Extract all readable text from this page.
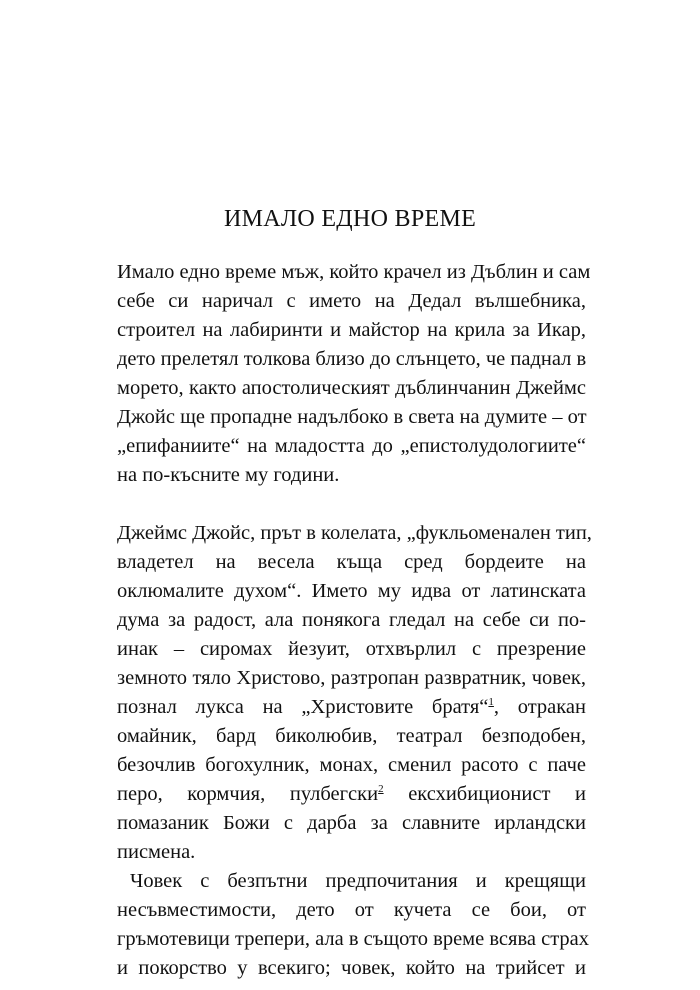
ИМАЛО ЕДНО ВРЕМЕ
Имало едно време мъж, който крачел из Дъблин и сам
себе си наричал с името на Дедал вълшебника,
строител на лабиринти и майстор на крила за Икар,
дето прелетял толкова близо до слънцето, че паднал в
морето, както апостолическият дъблинчанин Джеймс
Джойс ще пропадне надълбоко в света на думите – от
„епифаниите“ на младостта до „епистолудологиите“
на по-късните му години.
Джеймс Джойс, прът в колелата, „фукльоменален тип,
владетел на весела къща сред бордеите на
оклюмалите духом“. Името му идва от латинската
дума за радост, ала понякога гледал на себе си по-
инак – сиромах йезуит, отхвърлил с презрение
земното тяло Христово, разтропан развратник, човек,
познал лукса на „Христовите братя“$^1$, отракан
омайник, бард биколюбив, театрал безподобен,
безочлив богохулник, монах, сменил расото с паче
перо, кормчия, пулбегски$^2$ ексхибиционист и
помазаник Божи с дарба за славните ирландски
писмена.
Човек с безпътни предпочитания и крещящи
несъвместимости, дето от кучета се бои, от
гръмотевици трепери, ала в същото време всява страх
и покорство у всекиго; човек, който на трийсет и
